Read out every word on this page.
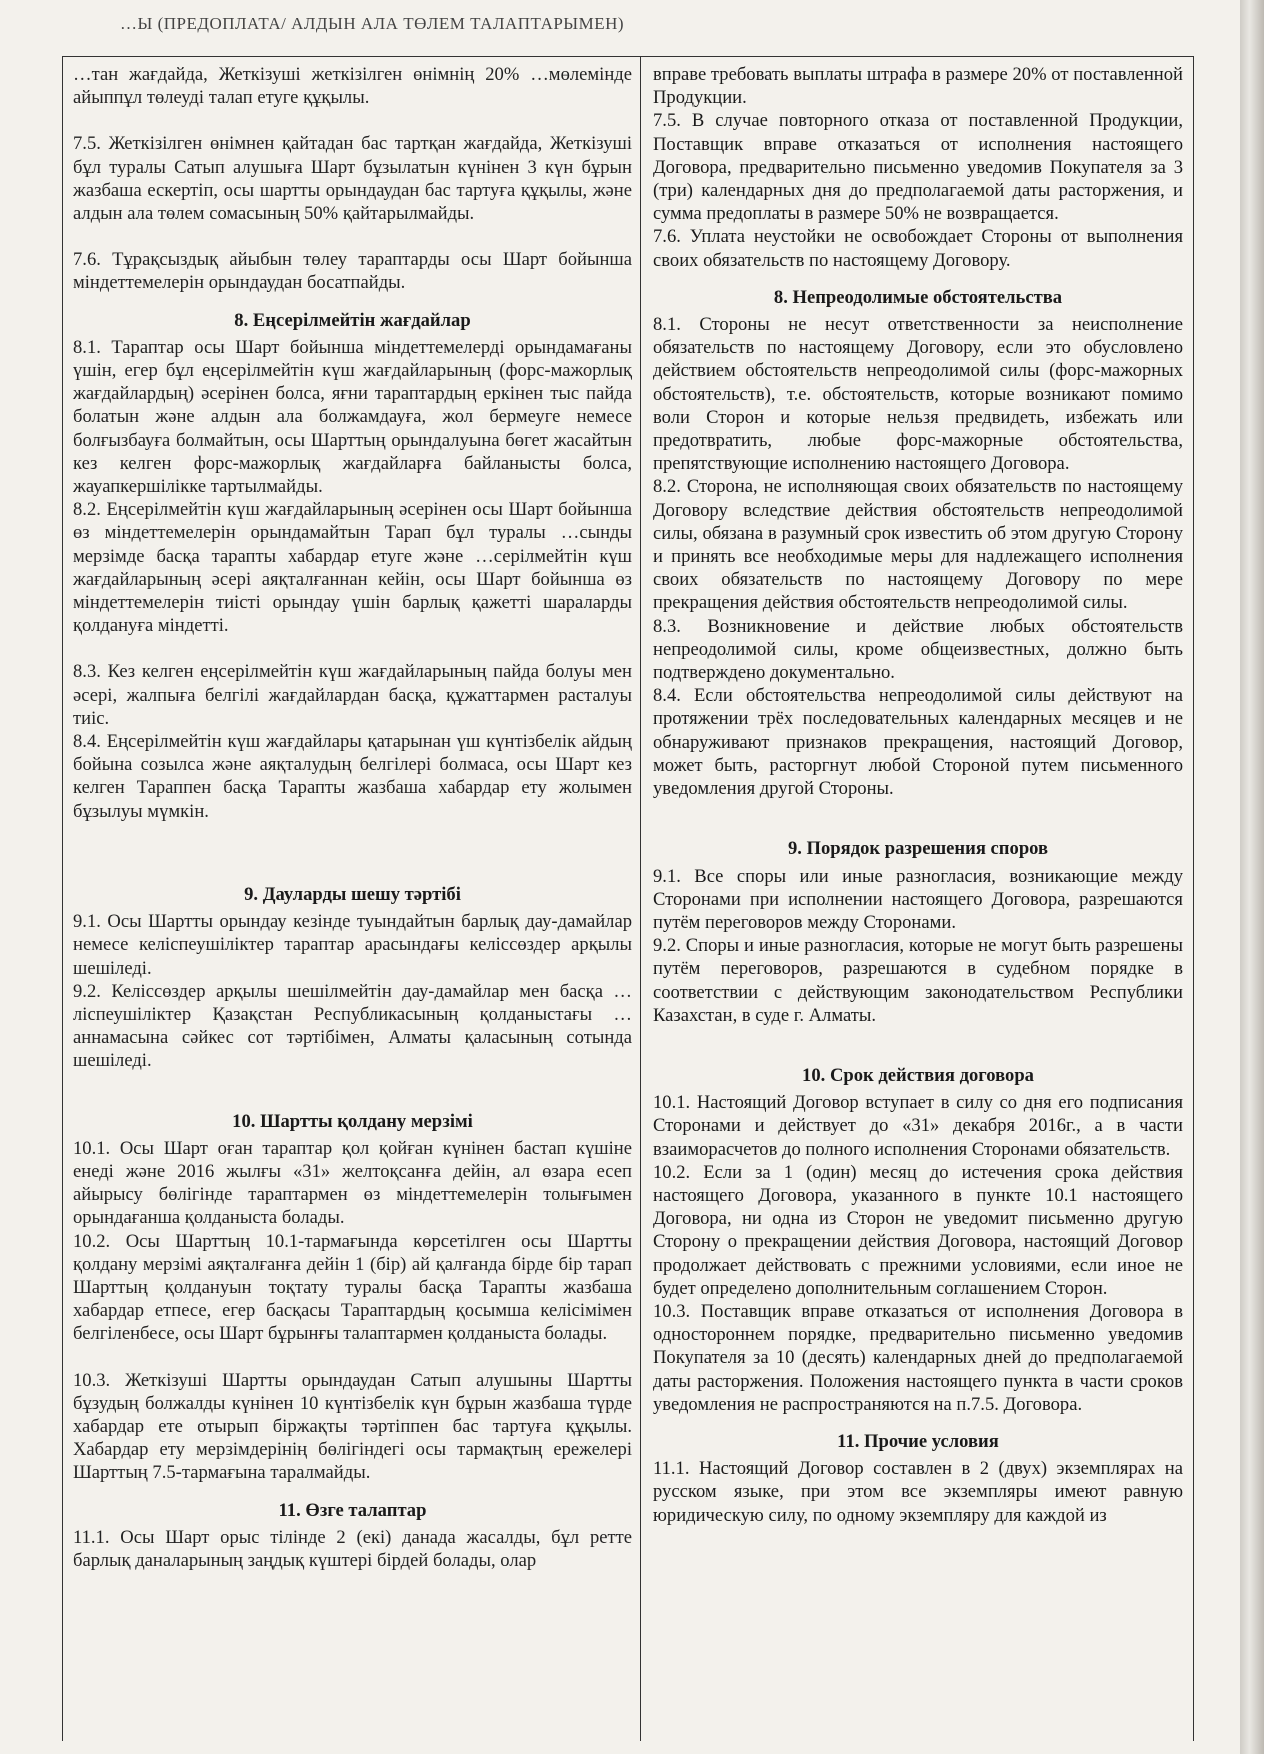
…Ы (ПРЕДОПЛАТА/ АЛДЫН АЛА ТӨЛЕМ ТАЛАПТАРЫМЕН)

…тан жағдайда, Жеткізуші жеткізілген өнімнің 20% …мөлемінде айыппұл төлеуді талап етуге құқылы.

7.5. Жеткізілген өнімнен қайтадан бас тартқан жағдайда, Жеткізуші бұл туралы Сатып алушыға Шарт бұзылатын күнінен 3 күн бұрын жазбаша ескертіп, осы шартты орындаудан бас тартуға құқылы, және алдын ала төлем сомасының 50% қайтарылмайды.

7.6. Тұрақсыздық айыбын төлеу тараптарды осы Шарт бойынша міндеттемелерін орындаудан босатпайды.

8. Еңсерілмейтін жағдайлар

8.1. Тараптар осы Шарт бойынша міндеттемелерді орындамағаны үшін, егер бұл еңсерілмейтін күш жағдайларының (форс-мажорлық жағдайлардың) әсерінен болса, яғни тараптардың еркінен тыс пайда болатын және алдын ала болжамдауға, жол бермеуге немесе болғызбауға болмайтын, осы Шарттың орындалуына бөгет жасайтын кез келген форс-мажорлық жағдайларға байланысты болса, жауапкершілікке тартылмайды.

8.2. Еңсерілмейтін күш жағдайларының әсерінен осы Шарт бойынша өз міндеттемелерін орындамайтын Тарап бұл туралы …сынды мерзімде басқа тарапты хабардар етуге және …серілмейтін күш жағдайларының әсері аяқталғаннан кейін, осы Шарт бойынша өз міндеттемелерін тиісті орындау үшін барлық қажетті шараларды қолдануға міндетті.

8.3. Кез келген еңсерілмейтін күш жағдайларының пайда болуы мен әсері, жалпыға белгілі жағдайлардан басқа, құжаттармен расталуы тиіс.

8.4. Еңсерілмейтін күш жағдайлары қатарынан үш күнтізбелік айдың бойына созылса және аяқталудың белгілері болмаса, осы Шарт кез келген Тараппен басқа Тарапты жазбаша хабардар ету жолымен бұзылуы мүмкін.

9. Дауларды шешу тәртібі

9.1. Осы Шартты орындау кезінде туындайтын барлық дау-дамайлар немесе келіспеушіліктер тараптар арасындағы келіссөздер арқылы шешіледі.

9.2. Келіссөздер арқылы шешілмейтін дау-дамайлар мен басқа …ліспеушіліктер Қазақстан Республикасының қолданыстағы …аннамасына сәйкес сот тәртібімен, Алматы қаласының сотында шешіледі.

10. Шартты қолдану мерзімі

10.1. Осы Шарт оған тараптар қол қойған күнінен бастап күшіне енеді және 2016 жылғы «31» желтоқсанға дейін, ал өзара есеп айырысу бөлігінде тараптармен өз міндеттемелерін толығымен орындағанша қолданыста болады.

10.2. Осы Шарттың 10.1-тармағында көрсетілген осы Шартты қолдану мерзімі аяқталғанға дейін 1 (бір) ай қалғанда бірде бір тарап Шарттың қолдануын тоқтату туралы басқа Тарапты жазбаша хабардар етпесе, егер басқасы Тараптардың қосымша келісімімен белгіленбесе, осы Шарт бұрынғы талаптармен қолданыста болады.

10.3. Жеткізуші Шартты орындаудан Сатып алушыны Шартты бұзудың болжалды күнінен 10 күнтізбелік күн бұрын жазбаша түрде хабардар ете отырып біржақты тәртіппен бас тартуға құқылы. Хабардар ету мерзімдерінің бөлігіндегі осы тармақтың ережелері Шарттың 7.5-тармағына таралмайды.

11. Өзге талаптар

11.1. Осы Шарт орыс тілінде 2 (екі) данада жасалды, бұл ретте барлық даналарының заңдық күштері бірдей болады, олар

вправе требовать выплаты штрафа в размере 20% от поставленной Продукции.

7.5. В случае повторного отказа от поставленной Продукции, Поставщик вправе отказаться от исполнения настоящего Договора, предварительно письменно уведомив Покупателя за 3 (три) календарных дня до предполагаемой даты расторжения, и сумма предоплаты в размере 50% не возвращается.

7.6. Уплата неустойки не освобождает Стороны от выполнения своих обязательств по настоящему Договору.

8. Непреодолимые обстоятельства

8.1. Стороны не несут ответственности за неисполнение обязательств по настоящему Договору, если это обусловлено действием обстоятельств непреодолимой силы (форс-мажорных обстоятельств), т.е. обстоятельств, которые возникают помимо воли Сторон и которые нельзя предвидеть, избежать или предотвратить, любые форс-мажорные обстоятельства, препятствующие исполнению настоящего Договора.

8.2. Сторона, не исполняющая своих обязательств по настоящему Договору вследствие действия обстоятельств непреодолимой силы, обязана в разумный срок известить об этом другую Сторону и принять все необходимые меры для надлежащего исполнения своих обязательств по настоящему Договору по мере прекращения действия обстоятельств непреодолимой силы.

8.3. Возникновение и действие любых обстоятельств непреодолимой силы, кроме общеизвестных, должно быть подтверждено документально.

8.4. Если обстоятельства непреодолимой силы действуют на протяжении трёх последовательных календарных месяцев и не обнаруживают признаков прекращения, настоящий Договор, может быть, расторгнут любой Стороной путем письменного уведомления другой Стороны.

9. Порядок разрешения споров

9.1. Все споры или иные разногласия, возникающие между Сторонами при исполнении настоящего Договора, разрешаются путём переговоров между Сторонами.

9.2. Споры и иные разногласия, которые не могут быть разрешены путём переговоров, разрешаются в судебном порядке в соответствии с действующим законодательством Республики Казахстан, в суде г. Алматы.

10. Срок действия договора

10.1. Настоящий Договор вступает в силу со дня его подписания Сторонами и действует до «31» декабря 2016г., а в части взаиморасчетов до полного исполнения Сторонами обязательств.

10.2. Если за 1 (один) месяц до истечения срока действия настоящего Договора, указанного в пункте 10.1 настоящего Договора, ни одна из Сторон не уведомит письменно другую Сторону о прекращении действия Договора, настоящий Договор продолжает действовать с прежними условиями, если иное не будет определено дополнительным соглашением Сторон.

10.3. Поставщик вправе отказаться от исполнения Договора в одностороннем порядке, предварительно письменно уведомив Покупателя за 10 (десять) календарных дней до предполагаемой даты расторжения. Положения настоящего пункта в части сроков уведомления не распространяются на п.7.5. Договора.

11. Прочие условия

11.1. Настоящий Договор составлен в 2 (двух) экземплярах на русском языке, при этом все экземпляры имеют равную юридическую силу, по одному экземпляру для каждой из
